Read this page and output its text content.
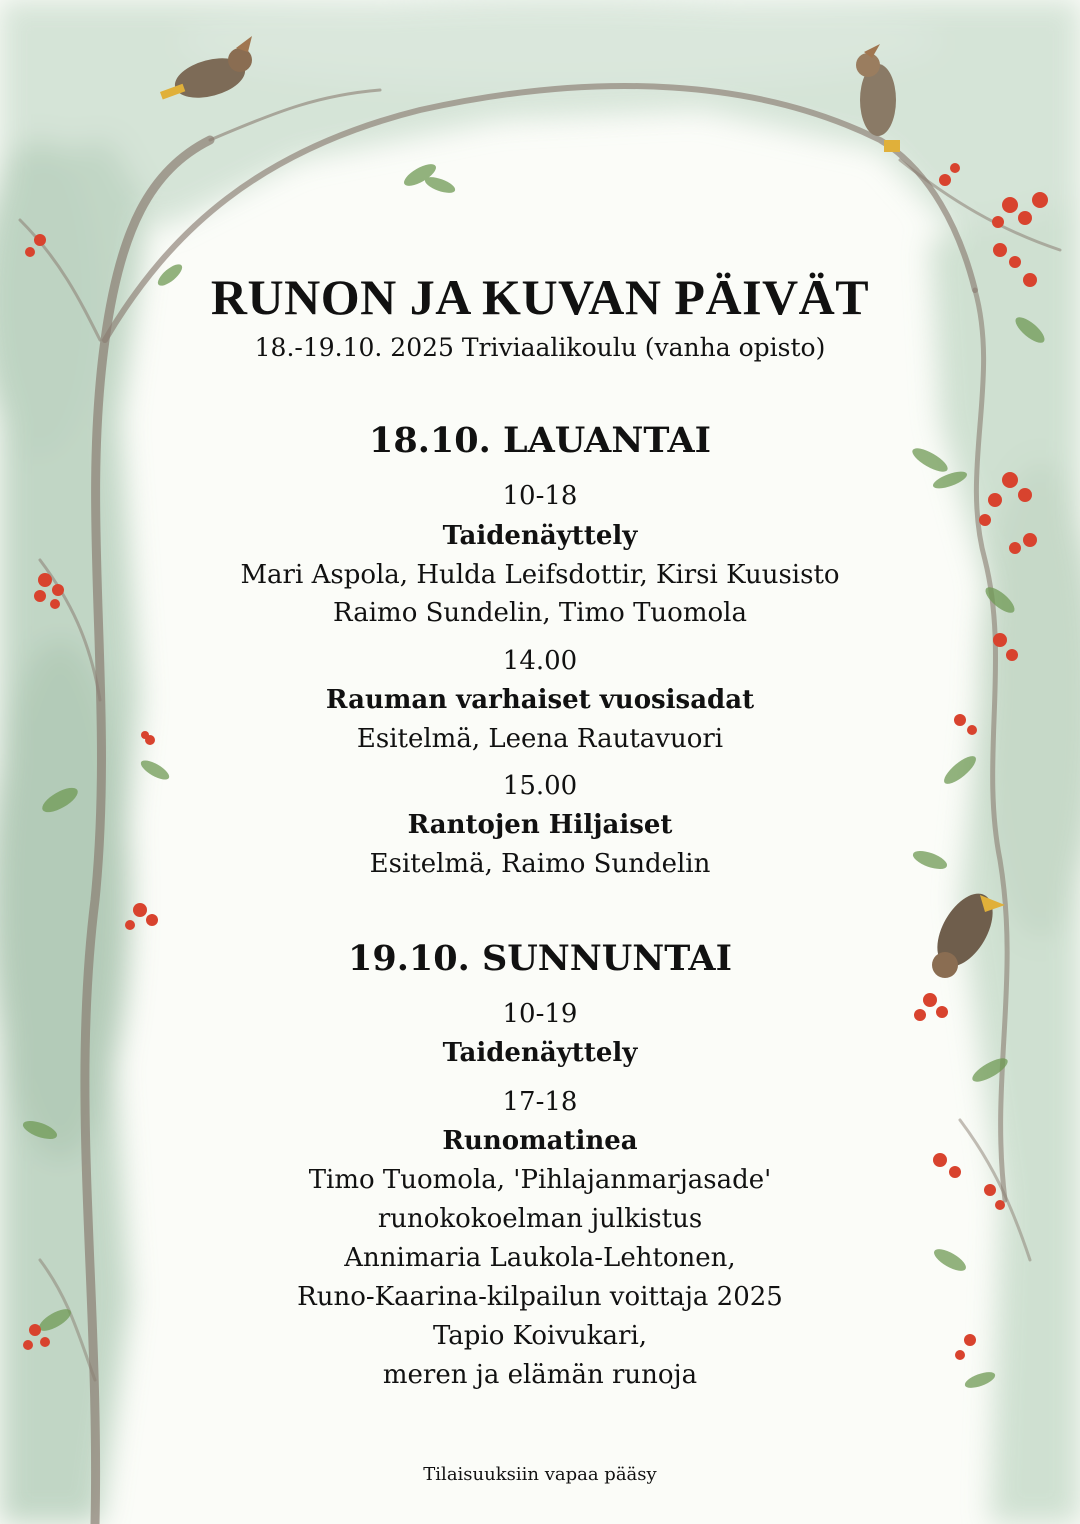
RUNON JA KUVAN PÄIVÄT
18.-19.10. 2025 Triviaalikoulu (vanha opisto)
18.10. LAUANTAI
10-18
Taidenäyttely
Mari Aspola, Hulda Leifsdottir, Kirsi Kuusisto
Raimo Sundelin, Timo Tuomola
14.00
Rauman varhaiset vuosisadat
Esitelmä, Leena Rautavuori
15.00
Rantojen Hiljaiset
Esitelmä, Raimo Sundelin
19.10. SUNNUNTAI
10-19
Taidenäyttely
17-18
Runomatinea
Timo Tuomola, 'Pihlajanmarjasade'
runokokoelman julkistus
Annimaria Laukola-Lehtonen,
Runo-Kaarina-kilpailun voittaja 2025
Tapio Koivukari,
meren ja elämän runoja
Tilaisuuksiin vapaa pääsy
